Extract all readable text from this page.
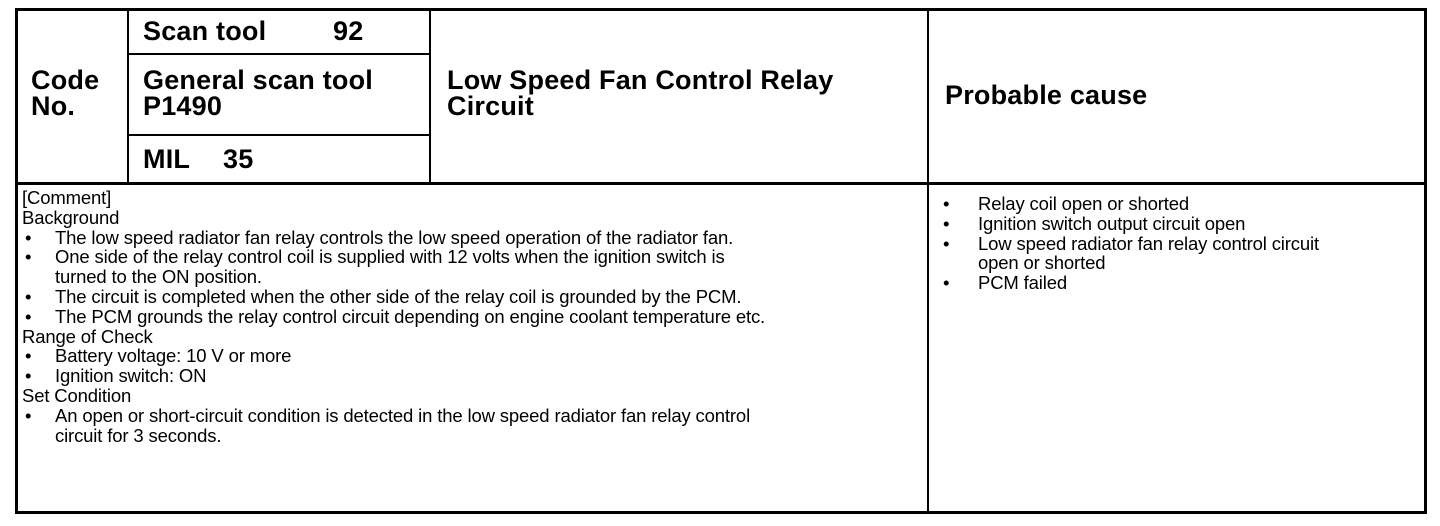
Code
No.
Scan tool 92
General scan tool
P1490
MIL 35
Low Speed Fan Control Relay
Circuit	Probable cause
[Comment]
Background
• The low speed radiator fan relay controls the low speed operation of the radiator fan.
• One side of the relay control coil is supplied with 12 volts when the ignition switch is
turned to the ON position.
• The circuit is completed when the other side of the relay coil is grounded by the PCM.
• The PCM grounds the relay control circuit depending on engine coolant temperature etc.
Range of Check
• Battery voltage: 10 V or more
• Ignition switch: ON
Set Condition
• An open or short-circuit condition is detected in the low speed radiator fan relay control
circuit for 3 seconds.
• Relay coil open or shorted
• Ignition switch output circuit open
• Low speed radiator fan relay control circuit
open or shorted
• PCM failed
